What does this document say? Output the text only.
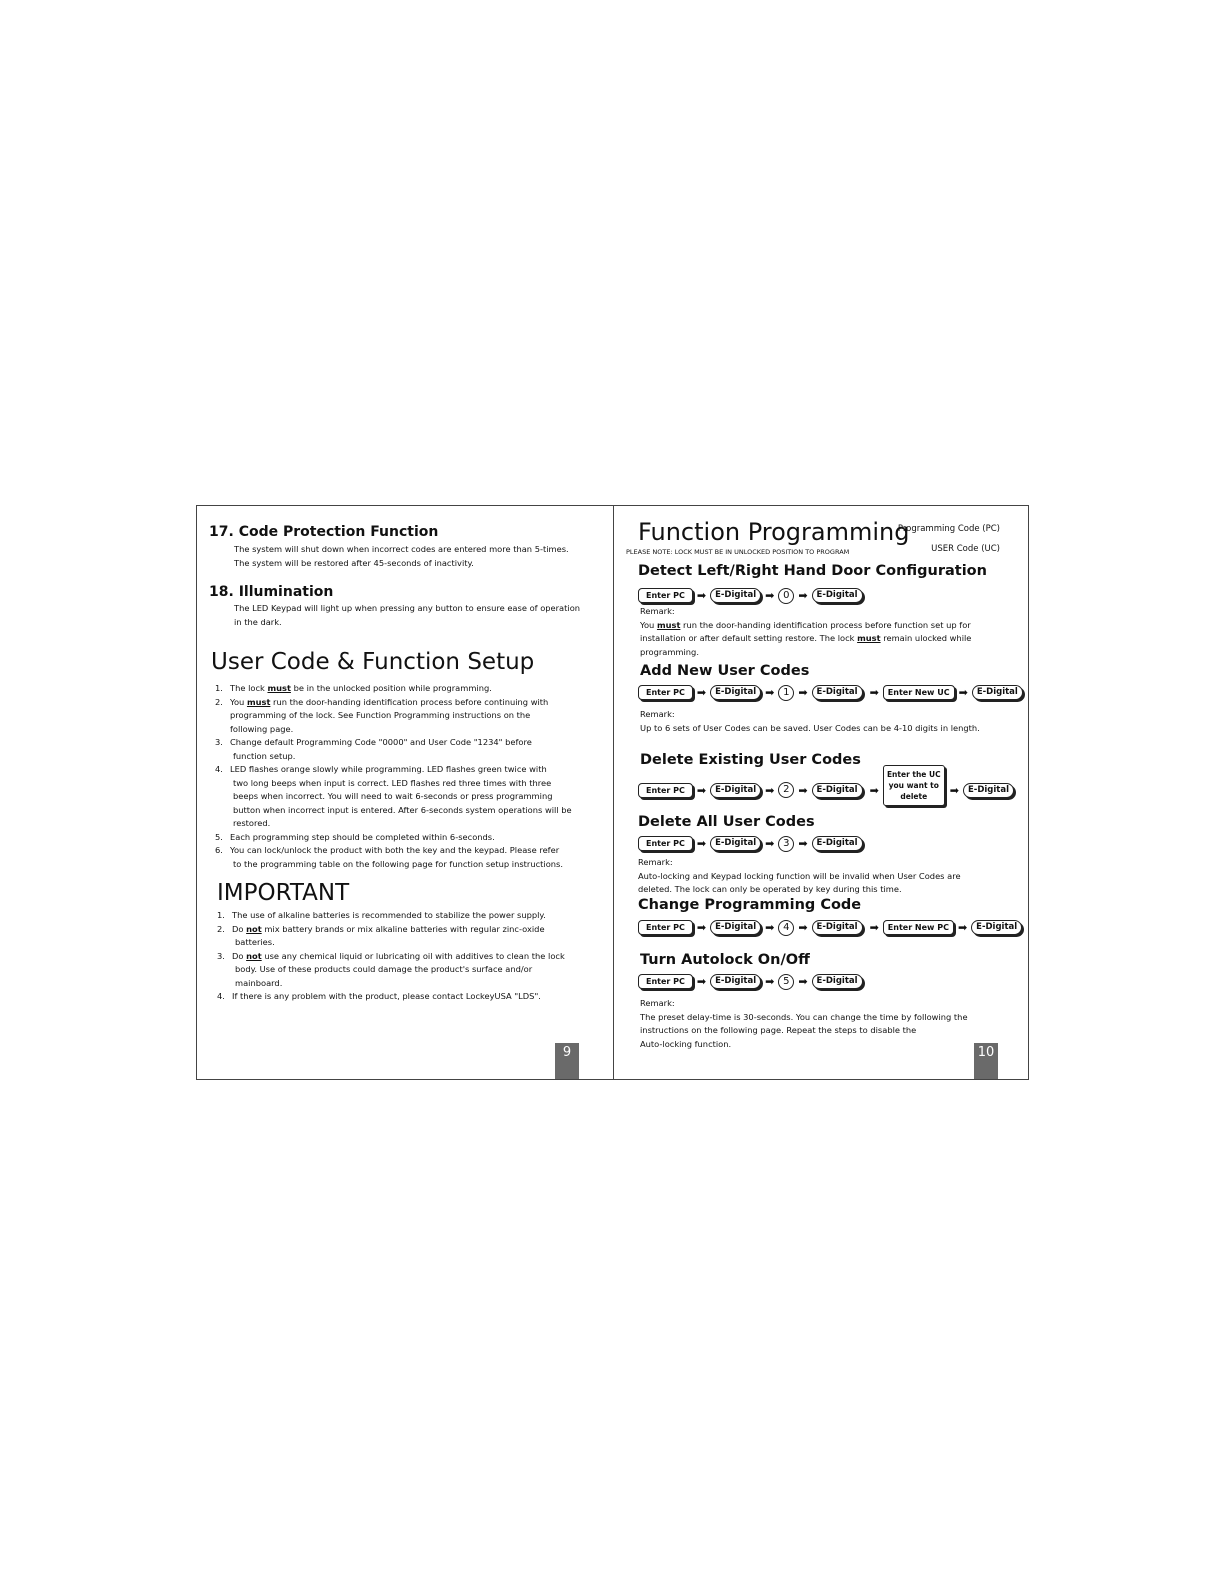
17. Code Protection Function
The system will shut down when incorrect codes are entered more than 5-times.
The system will be restored after 45-seconds of inactivity.
18. Illumination
The LED Keypad will light up when pressing any button to ensure ease of operation
in the dark.
User Code & Function Setup
1. The lock must be in the unlocked position while programming.
2. You must run the door-handing identification process before continuing with
programming of the lock. See Function Programming instructions on the
following page.
3. Change default Programming Code "0000" and User Code "1234" before
function setup.
4. LED flashes orange slowly while programming. LED flashes green twice with
two long beeps when input is correct. LED flashes red three times with three
beeps when incorrect. You will need to wait 6-seconds or press programming
button when incorrect input is entered. After 6-seconds system operations will be
restored.
5. Each programming step should be completed within 6-seconds.
6. You can lock/unlock the product with both the key and the keypad. Please refer
to the programming table on the following page for function setup instructions.
IMPORTANT
1. The use of alkaline batteries is recommended to stabilize the power supply.
2. Do not mix battery brands or mix alkaline batteries with regular zinc-oxide
batteries.
3. Do not use any chemical liquid or lubricating oil with additives to clean the lock
body. Use of these products could damage the product's surface and/or
mainboard.
4. If there is any problem with the product, please contact LockeyUSA "LDS".
9
Function Programming
Programming Code (PC)
USER Code (UC)
PLEASE NOTE: LOCK MUST BE IN UNLOCKED POSITION TO PROGRAM
Detect Left/Right Hand Door Configuration
Enter PC	➡	E-Digital ➡ 0 ➡	E-Digital
Remark:
You must run the door-handing identification process before function set up for
installation or after default setting restore. The lock must remain ulocked while
programming.
Add New User Codes
Enter PC	➡	E-Digital ➡ 1 ➡	E-Digital	➡	Enter New UC ➡	E-Digital
Remark:
Up to 6 sets of User Codes can be saved. User Codes can be 4-10 digits in length.
Delete Existing User Codes
Enter PC	➡	E-Digital ➡ 2 ➡	E-Digital	➡
Enter the UC you want to delete	➡	E-Digital
Delete All User Codes
Enter PC	➡	E-Digital ➡ 3 ➡	E-Digital
Remark:
Auto-locking and Keypad locking function will be invalid when User Codes are
deleted. The lock can only be operated by key during this time.
Change Programming Code
Enter PC	➡	E-Digital ➡ 4 ➡	E-Digital	➡	Enter New PC ➡	E-Digital
Turn Autolock On/Off
Enter PC	➡	E-Digital ➡ 5 ➡	E-Digital
Remark:
The preset delay-time is 30-seconds. You can change the time by following the
instructions on the following page. Repeat the steps to disable the
Auto-locking function.
10
